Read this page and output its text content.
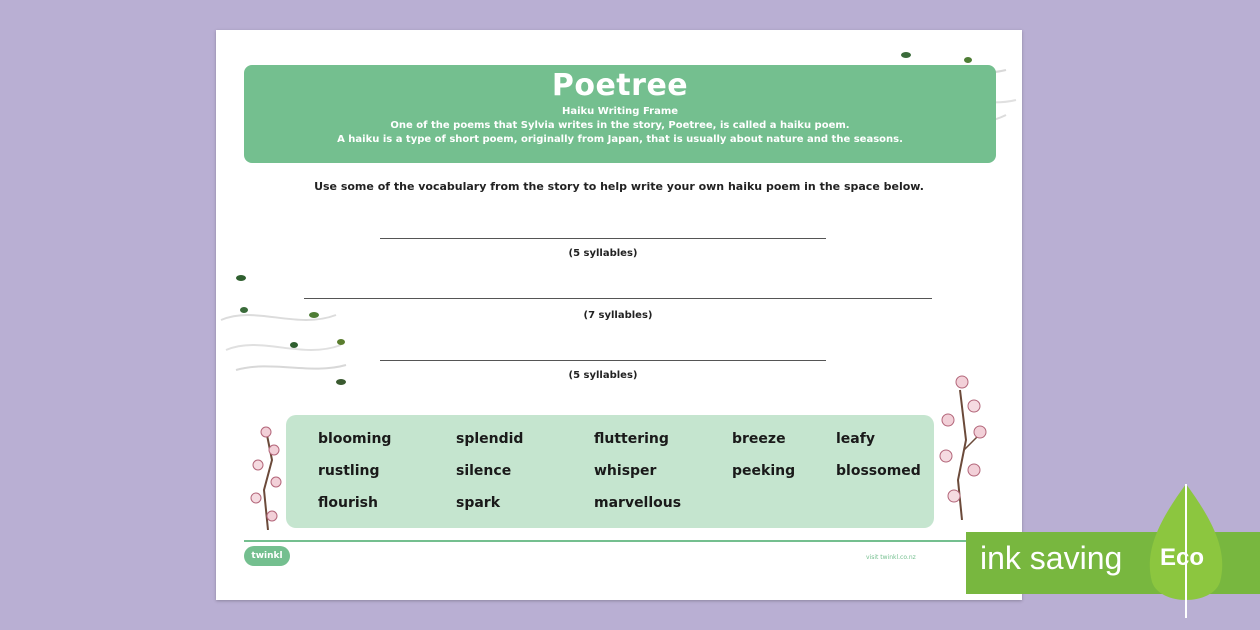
Poetree
Haiku Writing Frame
One of the poems that Sylvia writes in the story, Poetree, is called a haiku poem.
A haiku is a type of short poem, originally from Japan, that is usually about nature and the seasons.
Use some of the vocabulary from the story to help write your own haiku poem in the space below.
(5 syllables)
(7 syllables)
(5 syllables)
blooming	splendid	fluttering	breeze	leafy
rustling	silence	whisper	peeking	blossomed
flourish	spark	marvellous
twinkl	visit twinkl.co.nz ink saving Eco
